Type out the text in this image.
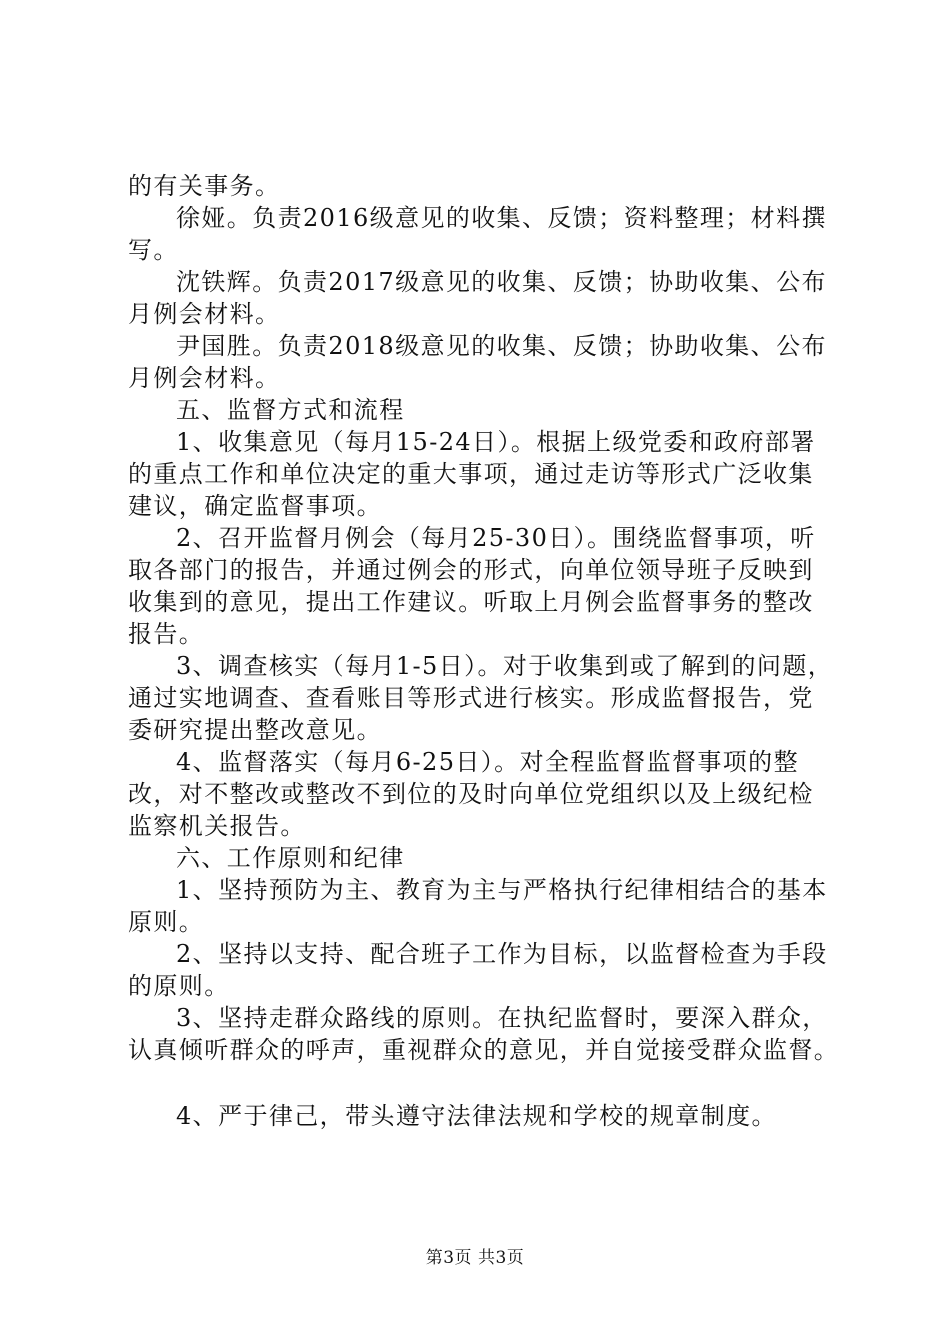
的有关事务。
徐娅。负责2016级意见的收集、反馈；资料整理；材料撰
写。
沈铁辉。负责2017级意见的收集、反馈；协助收集、公布
月例会材料。
尹国胜。负责2018级意见的收集、反馈；协助收集、公布
月例会材料。
五、监督方式和流程
1、收集意见（每月15-24日）。根据上级党委和政府部署
的重点工作和单位决定的重大事项，通过走访等形式广泛收集
建议，确定监督事项。
2、召开监督月例会（每月25-30日）。围绕监督事项，听
取各部门的报告，并通过例会的形式，向单位领导班子反映到
收集到的意见，提出工作建议。听取上月例会监督事务的整改
报告。
3、调查核实（每月1-5日）。对于收集到或了解到的问题，
通过实地调查、查看账目等形式进行核实。形成监督报告，党
委研究提出整改意见。
4、监督落实（每月6-25日）。对全程监督监督事项的整
改，对不整改或整改不到位的及时向单位党组织以及上级纪检
监察机关报告。
六、工作原则和纪律
1、坚持预防为主、教育为主与严格执行纪律相结合的基本
原则。
2、坚持以支持、配合班子工作为目标，以监督检查为手段
的原则。
3、坚持走群众路线的原则。在执纪监督时，要深入群众，
认真倾听群众的呼声，重视群众的意见，并自觉接受群众监督。
4、严于律己，带头遵守法律法规和学校的规章制度。
第3页 共3页
